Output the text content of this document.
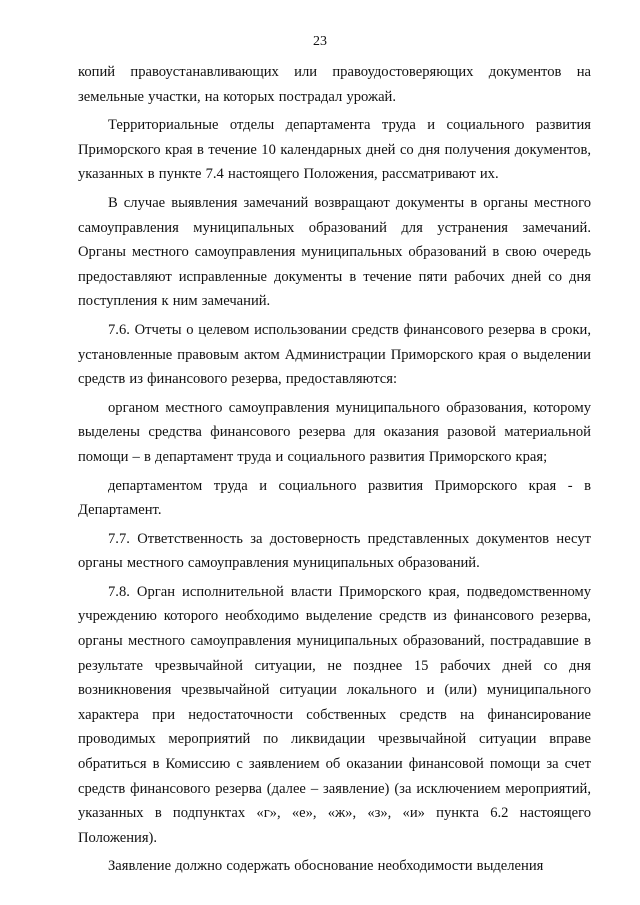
23

копий правоустанавливающих или правоудостоверяющих документов на земельные участки, на которых пострадал урожай.

Территориальные отделы департамента труда и социального развития Приморского края в течение 10 календарных дней со дня получения документов, указанных в пункте 7.4 настоящего Положения, рассматривают их.

В случае выявления замечаний возвращают документы в органы местного самоуправления муниципальных образований для устранения замечаний. Органы местного самоуправления муниципальных образований в свою очередь предоставляют исправленные документы в течение пяти рабочих дней со дня поступления к ним замечаний.

7.6. Отчеты о целевом использовании средств финансового резерва в сроки, установленные правовым актом Администрации Приморского края о выделении средств из финансового резерва, предоставляются:

органом местного самоуправления муниципального образования, которому выделены средства финансового резерва для оказания разовой материальной помощи – в департамент труда и социального развития Приморского края;

департаментом труда и социального развития Приморского края - в Департамент.

7.7. Ответственность за достоверность представленных документов несут органы местного самоуправления муниципальных образований.

7.8. Орган исполнительной власти Приморского края, подведомственному учреждению которого необходимо выделение средств из финансового резерва, органы местного самоуправления муниципальных образований, пострадавшие в результате чрезвычайной ситуации, не позднее 15 рабочих дней со дня возникновения чрезвычайной ситуации локального и (или) муниципального характера при недостаточности собственных средств на финансирование проводимых мероприятий по ликвидации чрезвычайной ситуации вправе обратиться в Комиссию с заявлением об оказании финансовой помощи за счет средств финансового резерва (далее – заявление) (за исключением мероприятий, указанных в подпунктах «г», «е», «ж», «з», «и» пункта 6.2 настоящего Положения).

Заявление должно содержать обоснование необходимости выделения
